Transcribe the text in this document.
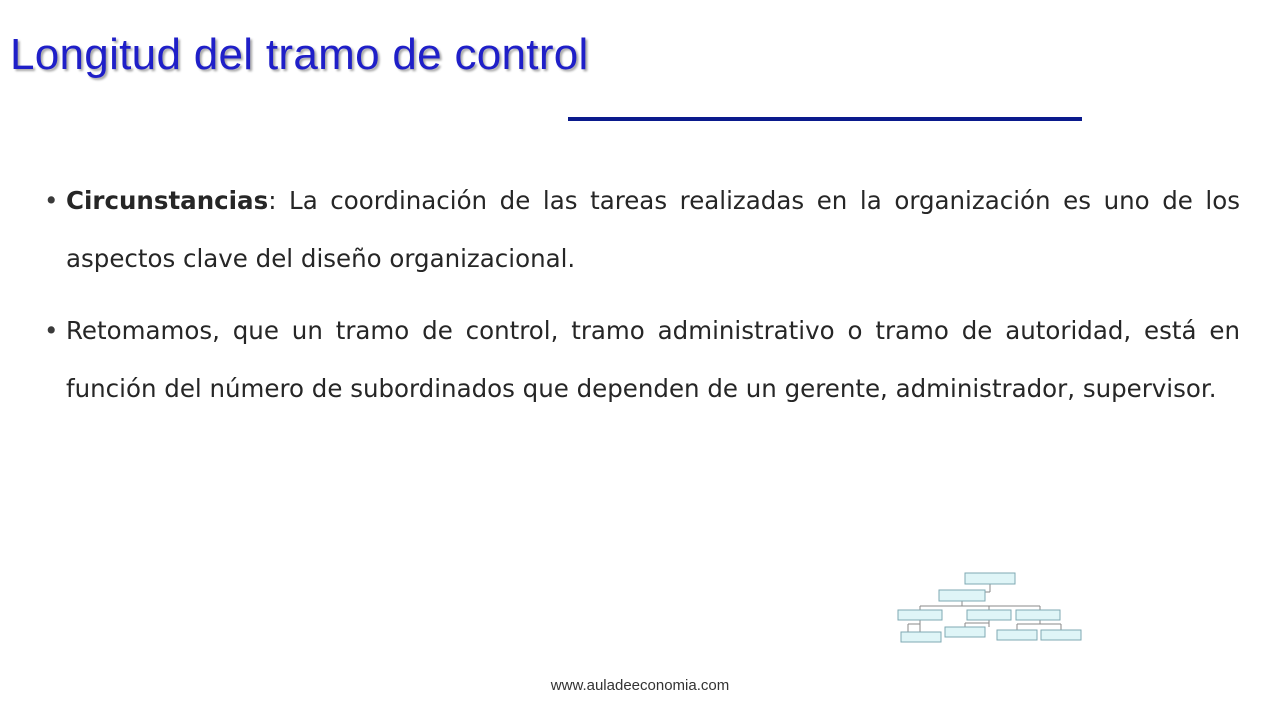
Longitud del tramo de control
• Circunstancias: La coordinación de las tareas realizadas en la organización es uno de los aspectos clave del diseño organizacional.
• Retomamos, que un tramo de control, tramo administrativo o tramo de autoridad, está en función del número de subordinados que dependen de un gerente, administrador, supervisor.
www.auladeeconomia.com
